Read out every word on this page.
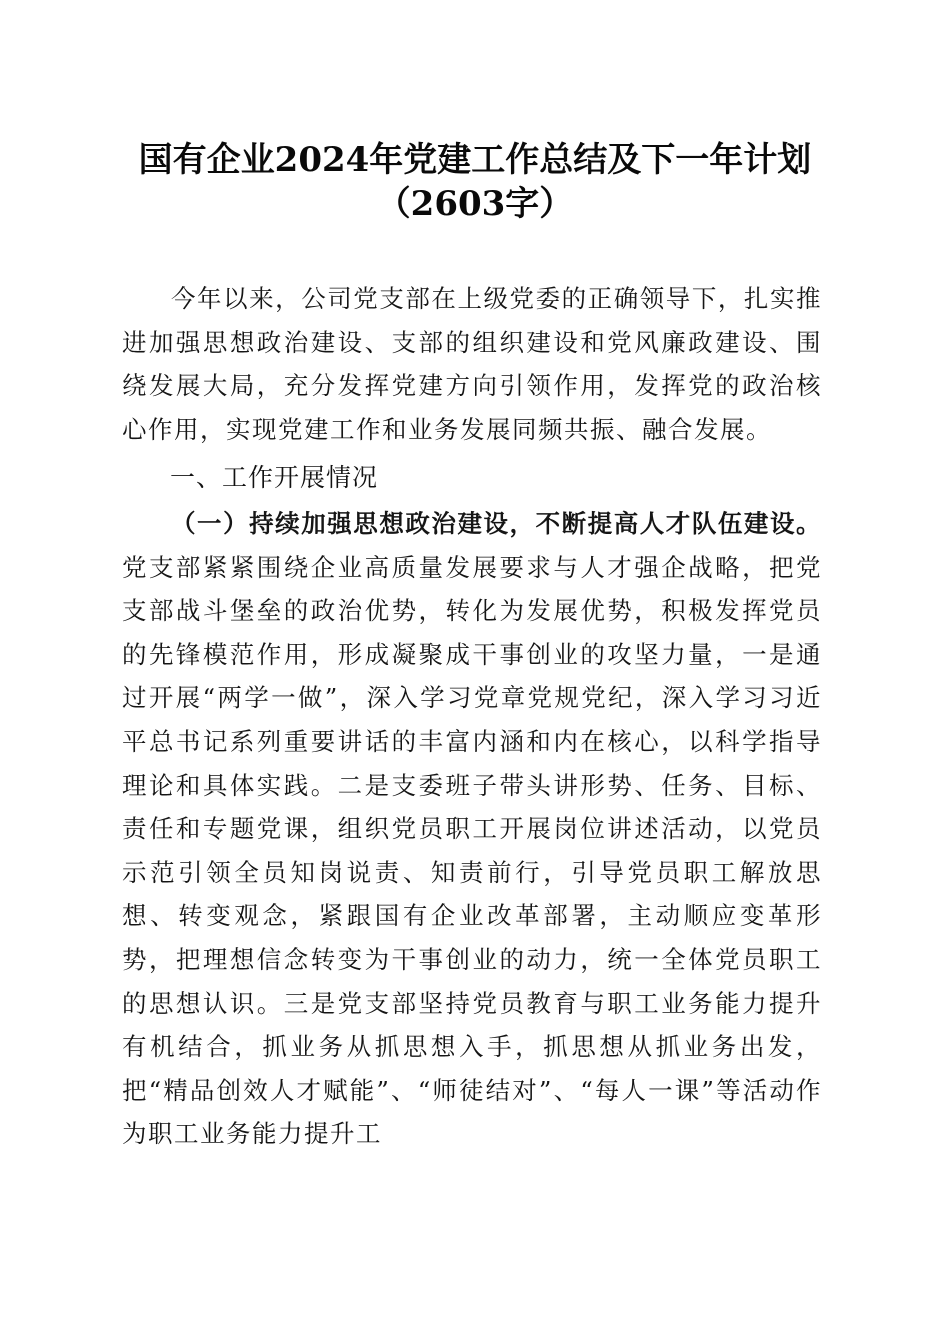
国有企业2024年党建工作总结及下一年计划
（2603字）
今年以来，公司党支部在上级党委的正确领导下，扎实推进加强思想政治建设、支部的组织建设和党风廉政建设、围绕发展大局，充分发挥党建方向引领作用，发挥党的政治核心作用，实现党建工作和业务发展同频共振、融合发展。
一、工作开展情况
（一）持续加强思想政治建设，不断提高人才队伍建设。党支部紧紧围绕企业高质量发展要求与人才强企战略，把党支部战斗堡垒的政治优势，转化为发展优势，积极发挥党员的先锋模范作用，形成凝聚成干事创业的攻坚力量，一是通过开展“两学一做”，深入学习党章党规党纪，深入学习习近平总书记系列重要讲话的丰富内涵和内在核心，以科学指导理论和具体实践。二是支委班子带头讲形势、任务、目标、责任和专题党课，组织党员职工开展岗位讲述活动，以党员示范引领全员知岗说责、知责前行，引导党员职工解放思想、转变观念，紧跟国有企业改革部署，主动顺应变革形势，把理想信念转变为干事创业的动力，统一全体党员职工的思想认识。三是党支部坚持党员教育与职工业务能力提升有机结合，抓业务从抓思想入手，抓思想从抓业务出发，把“精品创效人才赋能”、“师徒结对”、“每人一课”等活动作为职工业务能力提升工
